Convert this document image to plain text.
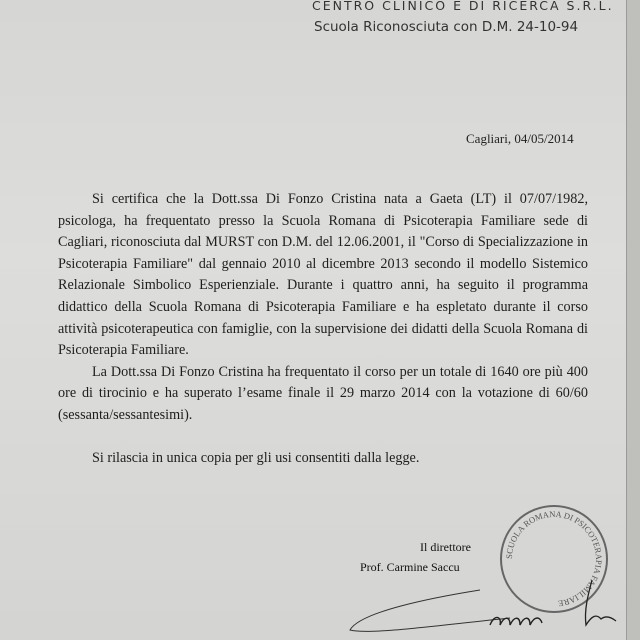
CENTRO CLINICO E DI RICERCA S.R.L.
Scuola Riconosciuta con D.M. 24-10-94
Cagliari, 04/05/2014

Si certifica che la Dott.ssa Di Fonzo Cristina nata a Gaeta (LT) il 07/07/1982, psicologa, ha frequentato presso la Scuola Romana di Psicoterapia Familiare sede di Cagliari, riconosciuta dal MURST con D.M. del 12.06.2001, il "Corso di Specializzazione in Psicoterapia Familiare" dal gennaio 2010 al dicembre 2013 secondo il modello Sistemico Relazionale Simbolico Esperienziale. Durante i quattro anni, ha seguito il programma didattico della Scuola Romana di Psicoterapia Familiare e ha espletato durante il corso attività psicoterapeutica con famiglie, con la supervisione dei didatti della Scuola Romana di Psicoterapia Familiare.

La Dott.ssa Di Fonzo Cristina ha frequentato il corso per un totale di 1640 ore più 400 ore di tirocinio e ha superato l’esame finale il 29 marzo 2014 con la votazione di 60/60 (sessanta/sessantesimi).

Si rilascia in unica copia per gli usi consentiti dalla legge.

SCUOLA ROMANA DI PSICOTERAPIA FAMILIARE
Il direttore
Prof. Carmine Saccu
